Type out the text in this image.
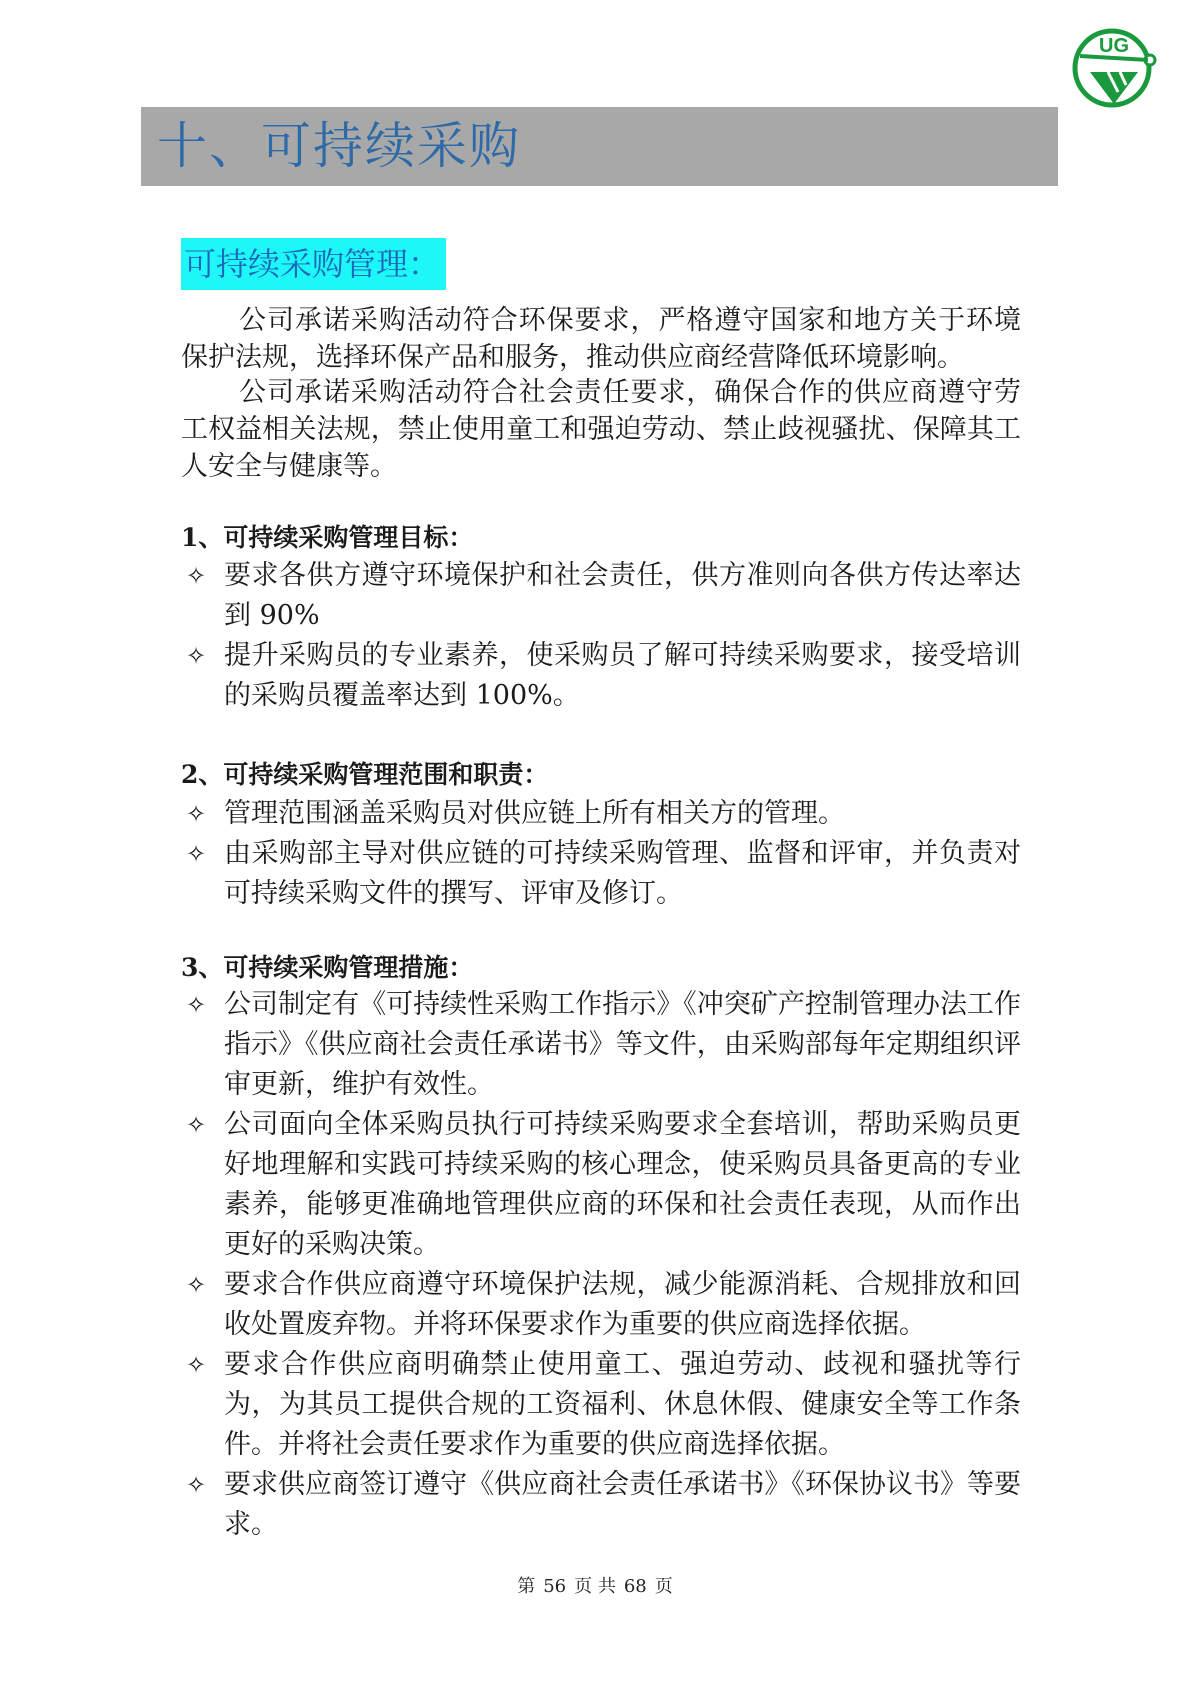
UG
十、可持续采购
可持续采购管理：

公司承诺采购活动符合环保要求，严格遵守国家和地方关于环境保护法规，选择环保产品和服务，推动供应商经营降低环境影响。

公司承诺采购活动符合社会责任要求，确保合作的供应商遵守劳工权益相关法规，禁止使用童工和强迫劳动、禁止歧视骚扰、保障其工人安全与健康等。

1、可持续采购管理目标：
✧ 要求各供方遵守环境保护和社会责任，供方准则向各供方传达率达到 90%
✧ 提升采购员的专业素养，使采购员了解可持续采购要求，接受培训的采购员覆盖率达到 100%。
2、可持续采购管理范围和职责：
✧ 管理范围涵盖采购员对供应链上所有相关方的管理。
✧ 由采购部主导对供应链的可持续采购管理、监督和评审，并负责对可持续采购文件的撰写、评审及修订。
3、可持续采购管理措施：
✧ 公司制定有《可持续性采购工作指示》《冲突矿产控制管理办法工作指示》《供应商社会责任承诺书》等文件，由采购部每年定期组织评审更新，维护有效性。
✧ 公司面向全体采购员执行可持续采购要求全套培训，帮助采购员更好地理解和实践可持续采购的核心理念，使采购员具备更高的专业素养，能够更准确地管理供应商的环保和社会责任表现，从而作出更好的采购决策。
✧ 要求合作供应商遵守环境保护法规，减少能源消耗、合规排放和回收处置废弃物。并将环保要求作为重要的供应商选择依据。
✧ 要求合作供应商明确禁止使用童工、强迫劳动、歧视和骚扰等行为，为其员工提供合规的工资福利、休息休假、健康安全等工作条件。并将社会责任要求作为重要的供应商选择依据。
✧ 要求供应商签订遵守《供应商社会责任承诺书》《环保协议书》等要求。
第 56 页 共 68 页
